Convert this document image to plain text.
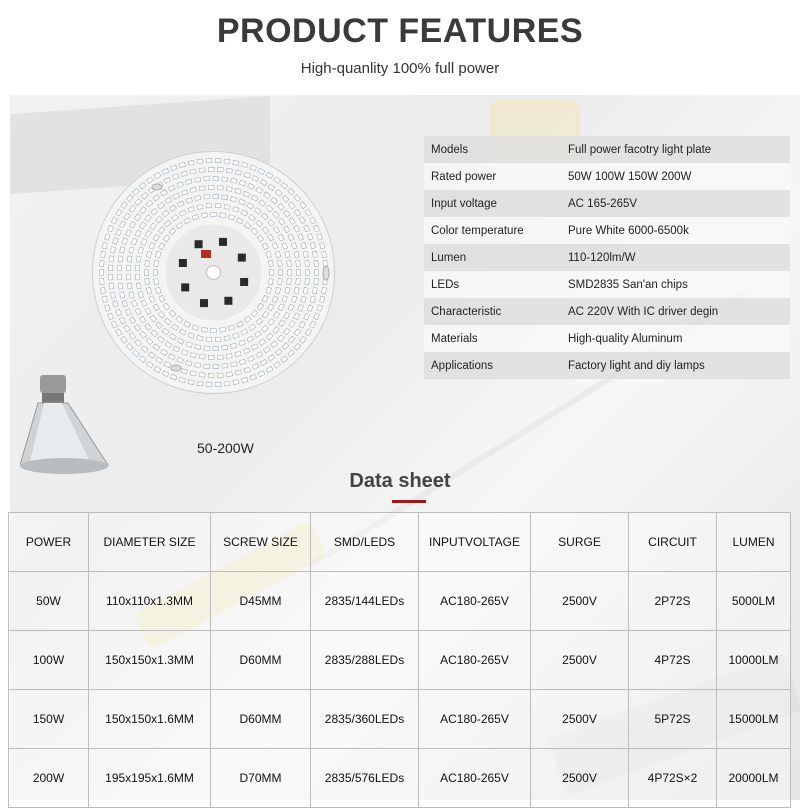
PRODUCT FEATURES
High-quanlity 100% full power
50-200W
Models	Full power facotry light plate
Rated power	50W 100W 150W 200W
Input voltage	AC 165-265V
Color temperature	Pure White 6000-6500k
Lumen	110-120lm/W
LEDs	SMD2835 San'an chips
Characteristic	AC 220V With IC driver degin
Materials	High-quality Aluminum
Applications	Factory light and diy lamps
Data sheet
POWER	DIAMETER SIZE	SCREW SIZE	SMD/LEDS	INPUTVOLTAGE	SURGE	CIRCUIT	LUMEN
50W	110x110x1.3MM	D45MM	2835/144LEDs	AC180-265V	2500V	2P72S	5000LM
100W	150x150x1.3MM	D60MM	2835/288LEDs	AC180-265V	2500V	4P72S	10000LM
150W	150x150x1.6MM	D60MM	2835/360LEDs	AC180-265V	2500V	5P72S	15000LM
200W	195x195x1.6MM	D70MM	2835/576LEDs	AC180-265V	2500V	4P72S×2	20000LM
